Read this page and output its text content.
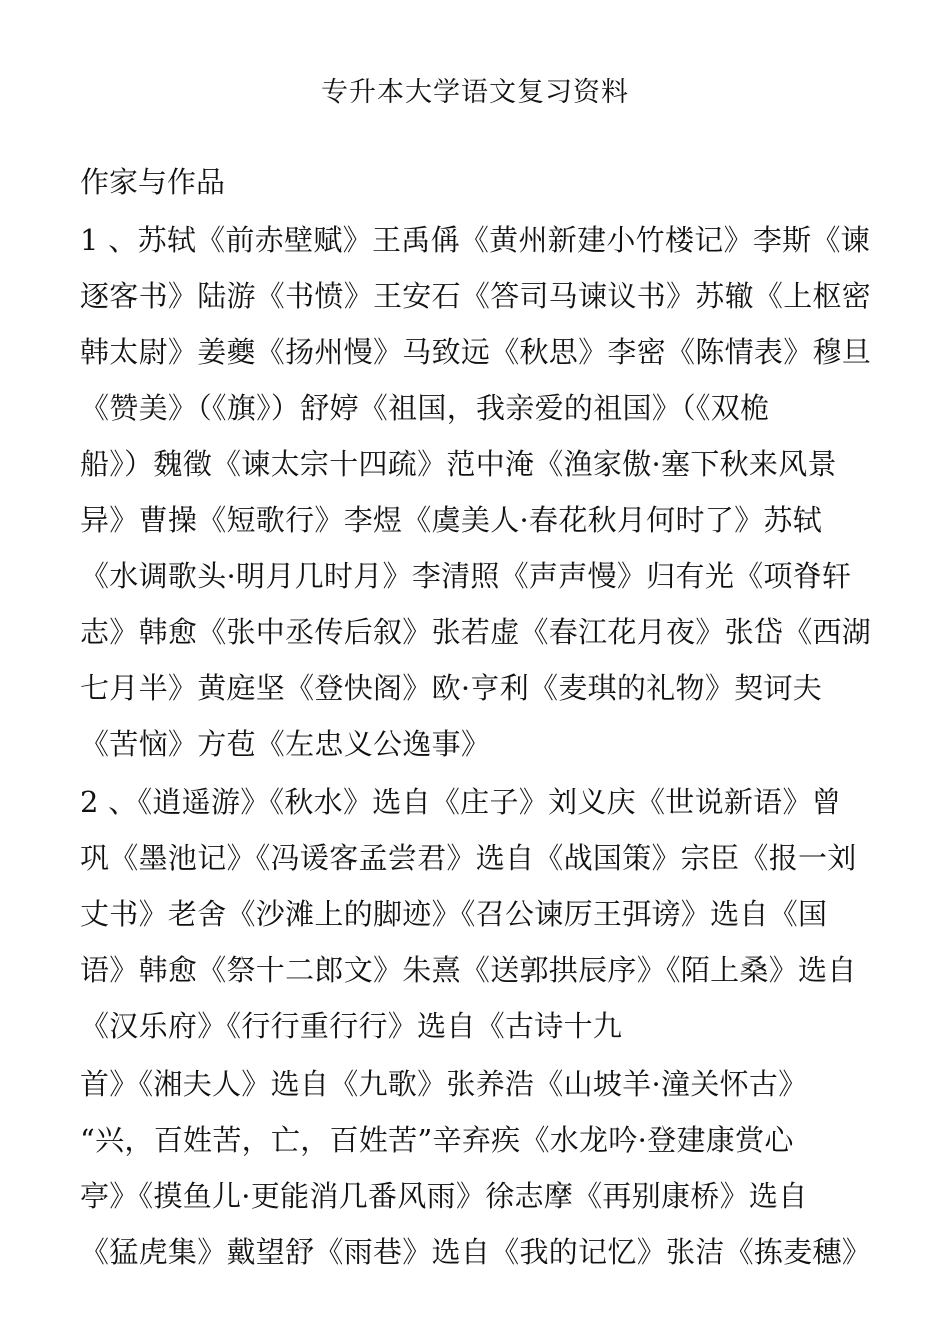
专升本大学语文复习资料
作家与作品
1 、苏轼《前赤壁赋》王禹偁《黄州新建小竹楼记》李斯《谏
逐客书》陆游《书愤》王安石《答司马谏议书》苏辙《上枢密
韩太尉》姜夔《扬州慢》马致远《秋思》李密《陈情表》穆旦
《赞美》（《旗》）舒婷《祖国，我亲爱的祖国》（《双桅
船》）魏徵《谏太宗十四疏》范中淹《渔家傲·塞下秋来风景
异》曹操《短歌行》李煜《虞美人·春花秋月何时了》苏轼
《水调歌头·明月几时月》李清照《声声慢》归有光《项脊轩
志》韩愈《张中丞传后叙》张若虚《春江花月夜》张岱《西湖
七月半》黄庭坚《登快阁》欧·亨利《麦琪的礼物》契诃夫
《苦恼》方苞《左忠义公逸事》
2 、《逍遥游》《秋水》选自《庄子》刘义庆《世说新语》曾
巩《墨池记》《冯谖客孟尝君》选自《战国策》宗臣《报一刘
丈书》老舍《沙滩上的脚迹》《召公谏厉王弭谤》选自《国
语》韩愈《祭十二郎文》朱熹《送郭拱辰序》《陌上桑》选自
《汉乐府》《行行重行行》选自《古诗十九
首》《湘夫人》选自《九歌》张养浩《山坡羊·潼关怀古》
“兴，百姓苦，亡，百姓苦”辛弃疾《水龙吟·登建康赏心
亭》《摸鱼儿·更能消几番风雨》徐志摩《再别康桥》选自
《猛虎集》戴望舒《雨巷》选自《我的记忆》张洁《拣麦穗》
